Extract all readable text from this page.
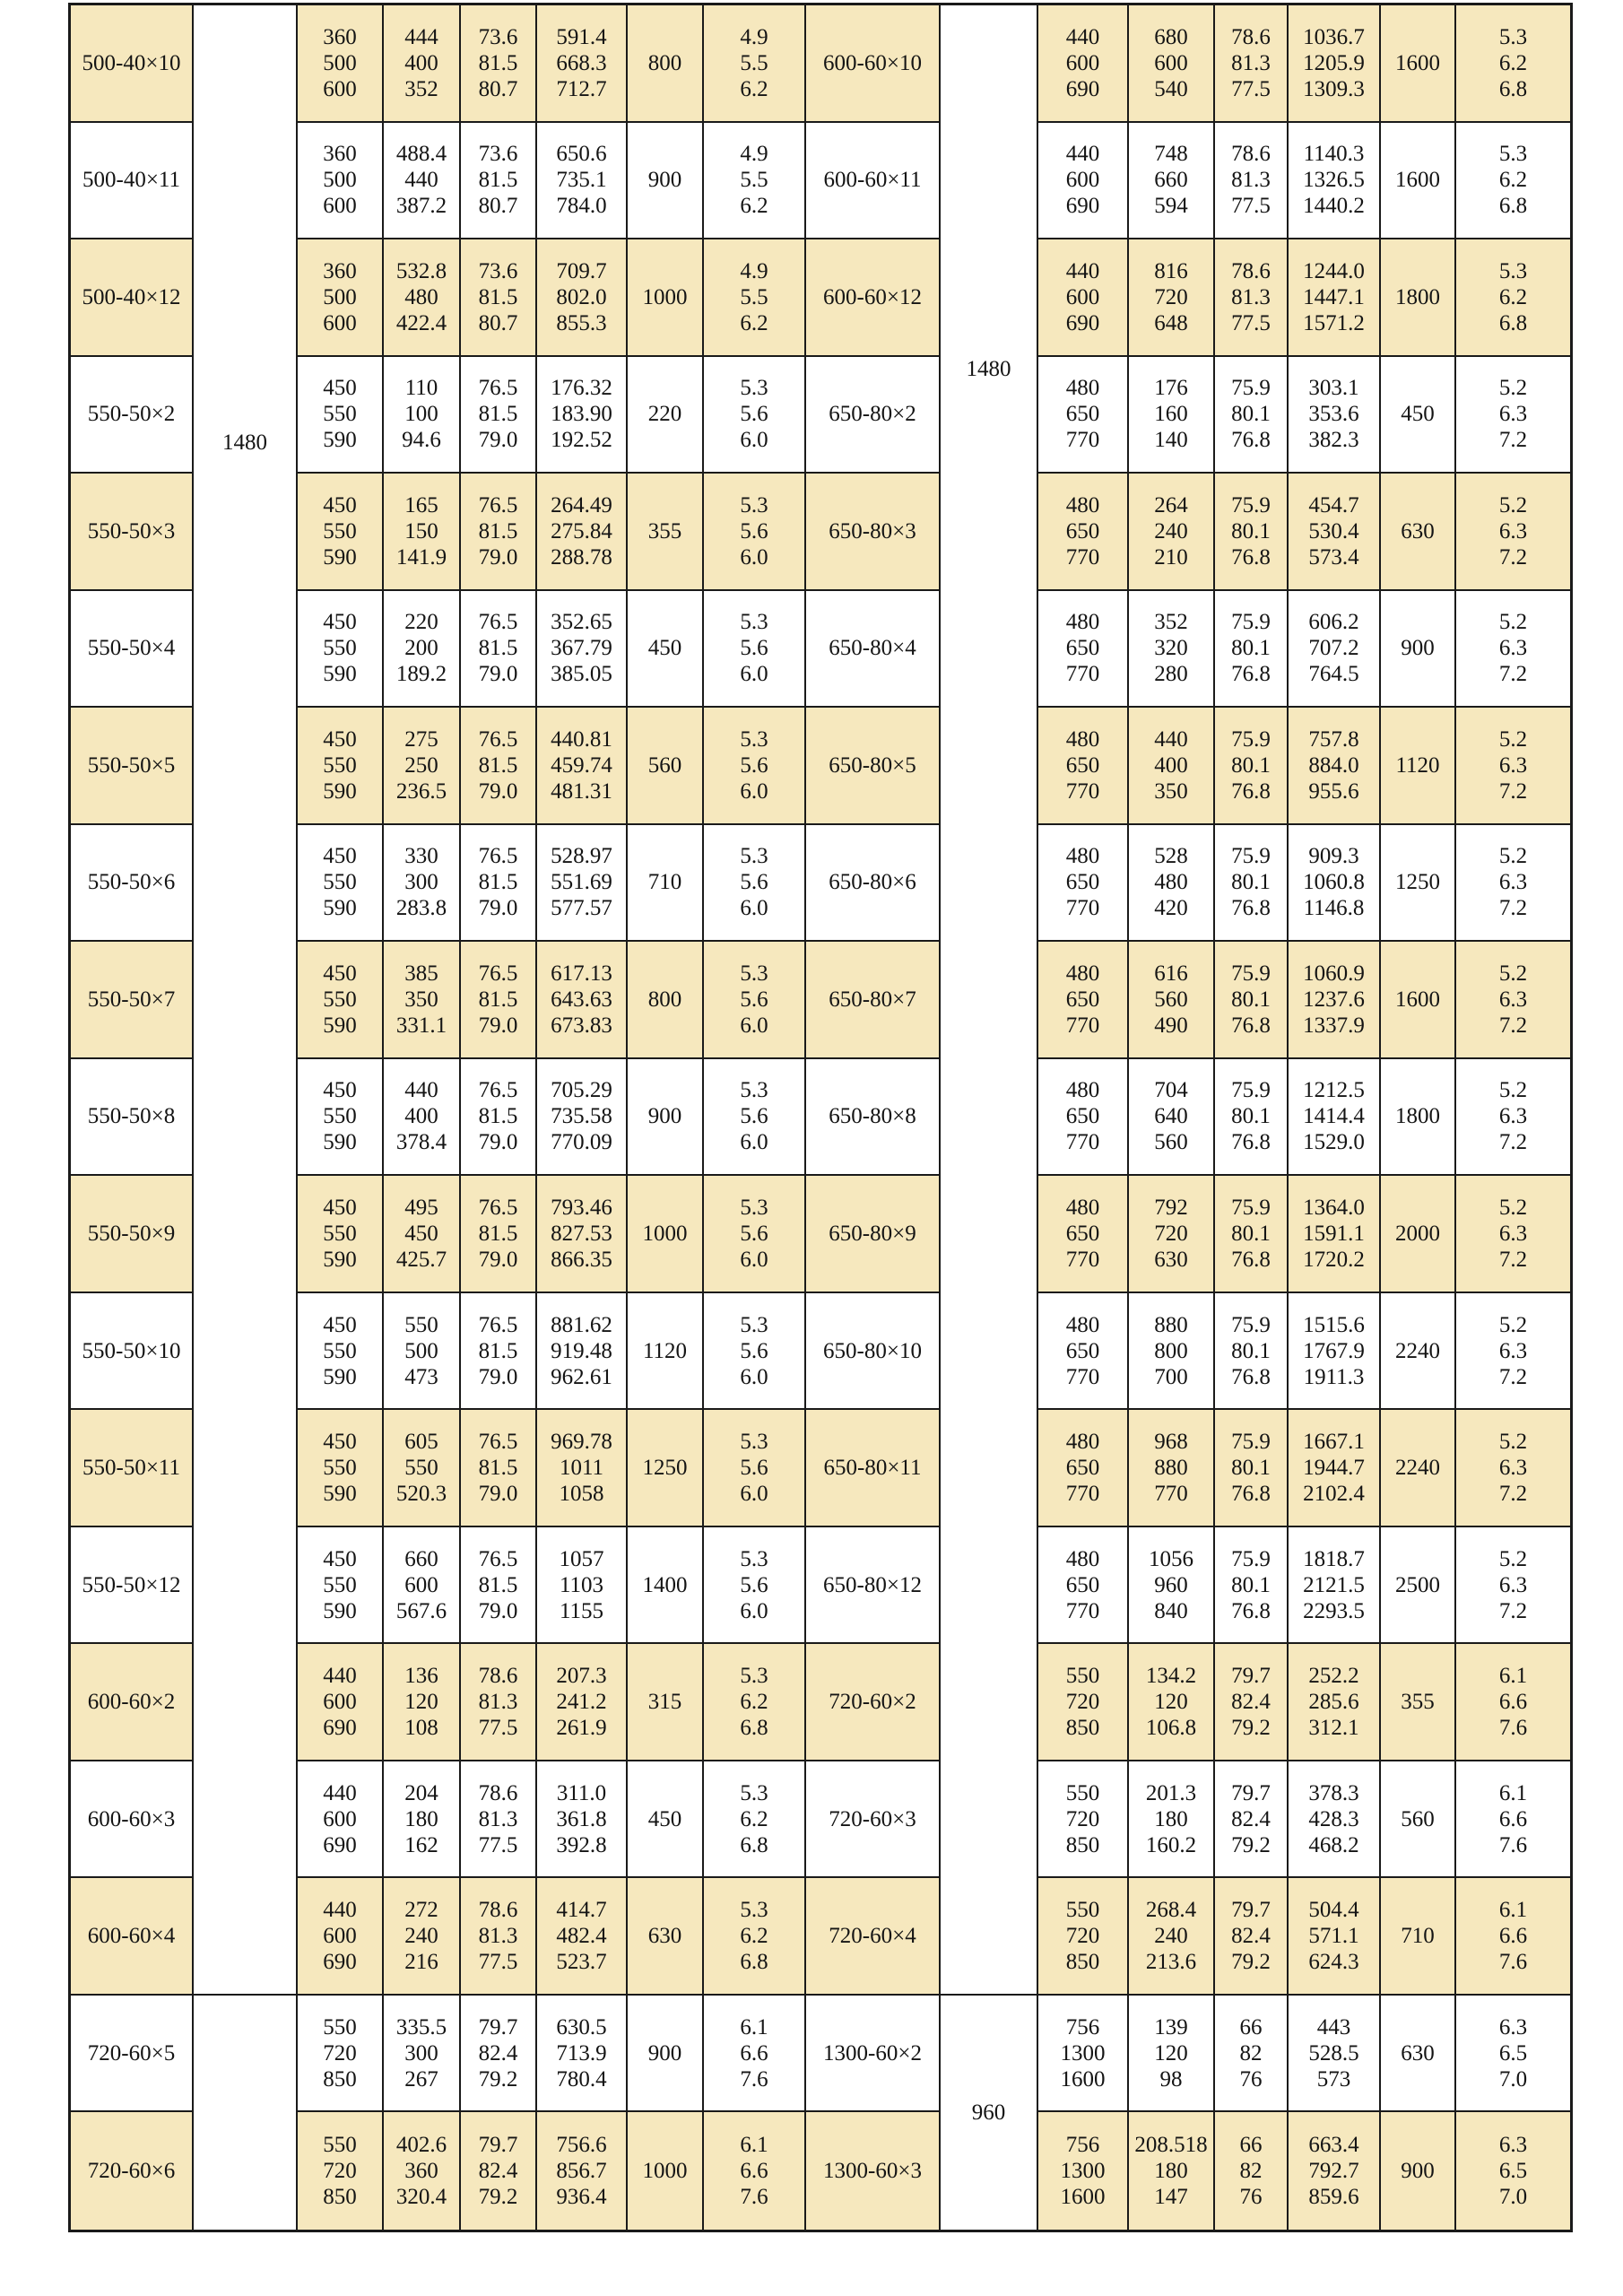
1480
1480
960
500-40×10
360
500
600
444
400
352
73.6
81.5
80.7
591.4
668.3
712.7
800
4.9
5.5
6.2
600-60×10
440
600
690
680
600
540
78.6
81.3
77.5
1036.7
1205.9
1309.3
1600
5.3
6.2
6.8
500-40×11
360
500
600
488.4
440
387.2
73.6
81.5
80.7
650.6
735.1
784.0
900
4.9
5.5
6.2
600-60×11
440
600
690
748
660
594
78.6
81.3
77.5
1140.3
1326.5
1440.2
1600
5.3
6.2
6.8
500-40×12
360
500
600
532.8
480
422.4
73.6
81.5
80.7
709.7
802.0
855.3
1000
4.9
5.5
6.2
600-60×12
440
600
690
816
720
648
78.6
81.3
77.5
1244.0
1447.1
1571.2
1800
5.3
6.2
6.8
550-50×2
450
550
590
110
100
94.6
76.5
81.5
79.0
176.32
183.90
192.52
220
5.3
5.6
6.0
650-80×2
480
650
770
176
160
140
75.9
80.1
76.8
303.1
353.6
382.3
450
5.2
6.3
7.2
550-50×3
450
550
590
165
150
141.9
76.5
81.5
79.0
264.49
275.84
288.78
355
5.3
5.6
6.0
650-80×3
480
650
770
264
240
210
75.9
80.1
76.8
454.7
530.4
573.4
630
5.2
6.3
7.2
550-50×4
450
550
590
220
200
189.2
76.5
81.5
79.0
352.65
367.79
385.05
450
5.3
5.6
6.0
650-80×4
480
650
770
352
320
280
75.9
80.1
76.8
606.2
707.2
764.5
900
5.2
6.3
7.2
550-50×5
450
550
590
275
250
236.5
76.5
81.5
79.0
440.81
459.74
481.31
560
5.3
5.6
6.0
650-80×5
480
650
770
440
400
350
75.9
80.1
76.8
757.8
884.0
955.6
1120
5.2
6.3
7.2
550-50×6
450
550
590
330
300
283.8
76.5
81.5
79.0
528.97
551.69
577.57
710
5.3
5.6
6.0
650-80×6
480
650
770
528
480
420
75.9
80.1
76.8
909.3
1060.8
1146.8
1250
5.2
6.3
7.2
550-50×7
450
550
590
385
350
331.1
76.5
81.5
79.0
617.13
643.63
673.83
800
5.3
5.6
6.0
650-80×7
480
650
770
616
560
490
75.9
80.1
76.8
1060.9
1237.6
1337.9
1600
5.2
6.3
7.2
550-50×8
450
550
590
440
400
378.4
76.5
81.5
79.0
705.29
735.58
770.09
900
5.3
5.6
6.0
650-80×8
480
650
770
704
640
560
75.9
80.1
76.8
1212.5
1414.4
1529.0
1800
5.2
6.3
7.2
550-50×9
450
550
590
495
450
425.7
76.5
81.5
79.0
793.46
827.53
866.35
1000
5.3
5.6
6.0
650-80×9
480
650
770
792
720
630
75.9
80.1
76.8
1364.0
1591.1
1720.2
2000
5.2
6.3
7.2
550-50×10
450
550
590
550
500
473
76.5
81.5
79.0
881.62
919.48
962.61
1120
5.3
5.6
6.0
650-80×10
480
650
770
880
800
700
75.9
80.1
76.8
1515.6
1767.9
1911.3
2240
5.2
6.3
7.2
550-50×11
450
550
590
605
550
520.3
76.5
81.5
79.0
969.78
1011
1058
1250
5.3
5.6
6.0
650-80×11
480
650
770
968
880
770
75.9
80.1
76.8
1667.1
1944.7
2102.4
2240
5.2
6.3
7.2
550-50×12
450
550
590
660
600
567.6
76.5
81.5
79.0
1057
1103
1155
1400
5.3
5.6
6.0
650-80×12
480
650
770
1056
960
840
75.9
80.1
76.8
1818.7
2121.5
2293.5
2500
5.2
6.3
7.2
600-60×2
440
600
690
136
120
108
78.6
81.3
77.5
207.3
241.2
261.9
315
5.3
6.2
6.8
720-60×2
550
720
850
134.2
120
106.8
79.7
82.4
79.2
252.2
285.6
312.1
355
6.1
6.6
7.6
600-60×3
440
600
690
204
180
162
78.6
81.3
77.5
311.0
361.8
392.8
450
5.3
6.2
6.8
720-60×3
550
720
850
201.3
180
160.2
79.7
82.4
79.2
378.3
428.3
468.2
560
6.1
6.6
7.6
600-60×4
440
600
690
272
240
216
78.6
81.3
77.5
414.7
482.4
523.7
630
5.3
6.2
6.8
720-60×4
550
720
850
268.4
240
213.6
79.7
82.4
79.2
504.4
571.1
624.3
710
6.1
6.6
7.6
720-60×5
550
720
850
335.5
300
267
79.7
82.4
79.2
630.5
713.9
780.4
900
6.1
6.6
7.6
1300-60×2
756
1300
1600
139
120
98
66
82
76
443
528.5
573
630
6.3
6.5
7.0
720-60×6
550
720
850
402.6
360
320.4
79.7
82.4
79.2
756.6
856.7
936.4
1000
6.1
6.6
7.6
1300-60×3
756
1300
1600
208.518
180
147
66
82
76
663.4
792.7
859.6
900
6.3
6.5
7.0
